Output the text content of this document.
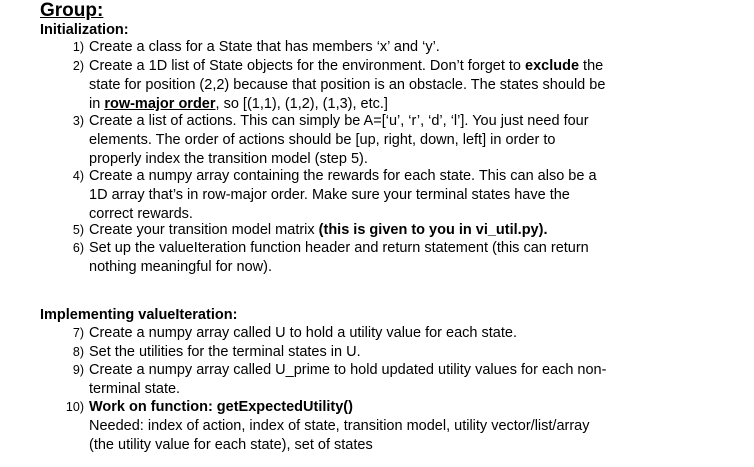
Group:
Initialization:
1) Create a class for a State that has members ‘x’ and ‘y’.
2) Create a 1D list of State objects for the environment. Don’t forget to exclude the
state for position (2,2) because that position is an obstacle. The states should be
in row-major order, so [(1,1), (1,2), (1,3), etc.]
3) Create a list of actions. This can simply be A=[‘u’, ‘r’, ‘d’, ‘l’]. You just need four
elements. The order of actions should be [up, right, down, left] in order to
properly index the transition model (step 5).
4) Create a numpy array containing the rewards for each state. This can also be a
1D array that’s in row-major order. Make sure your terminal states have the
correct rewards.
5) Create your transition model matrix (this is given to you in vi_util.py).
6) Set up the valueIteration function header and return statement (this can return
nothing meaningful for now).
Implementing valueIteration:
7) Create a numpy array called U to hold a utility value for each state.
8) Set the utilities for the terminal states in U.
9) Create a numpy array called U_prime to hold updated utility values for each non-
terminal state.
10) Work on function: getExpectedUtility()
Needed: index of action, index of state, transition model, utility vector/list/array
(the utility value for each state), set of states
